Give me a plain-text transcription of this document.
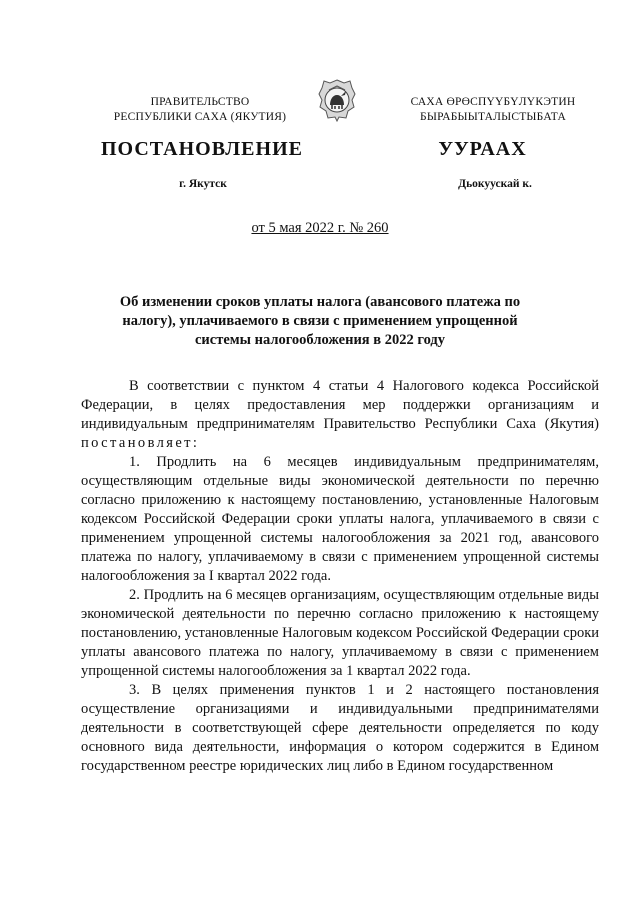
ПРАВИТЕЛЬСТВО
РЕСПУБЛИКИ САХА (ЯКУТИЯ)
САХА ӨРӨСПҮҮБҮЛҮКЭТИН
БЫРАБЫЫТАЛЫСТЫБАТА
ПОСТАНОВЛЕНИЕ	УУРААХ
г. Якутск	Дьокуускай к.
от 5 мая 2022 г. № 260
Об изменении сроков уплаты налога (авансового платежа по налогу), уплачиваемого в связи с применением упрощенной системы налогообложения в 2022 году

В соответствии с пунктом 4 статьи 4 Налогового кодекса Российской Федерации, в целях предоставления мер поддержки организациям и индивидуальным предпринимателям Правительство Республики Саха (Якутия) постановляет:

1. Продлить на 6 месяцев индивидуальным предпринимателям, осуществляющим отдельные виды экономической деятельности по перечню согласно приложению к настоящему постановлению, установленные Налоговым кодексом Российской Федерации сроки уплаты налога, уплачиваемого в связи с применением упрощенной системы налогообложения за 2021 год, авансового платежа по налогу, уплачиваемому в связи с применением упрощенной системы налогообложения за I квартал 2022 года.

2. Продлить на 6 месяцев организациям, осуществляющим отдельные виды экономической деятельности по перечню согласно приложению к настоящему постановлению, установленные Налоговым кодексом Российской Федерации сроки уплаты авансового платежа по налогу, уплачиваемому в связи с применением упрощенной системы налогообложения за 1 квартал 2022 года.

3. В целях применения пунктов 1 и 2 настоящего постановления осуществление организациями и индивидуальными предпринимателями деятельности в соответствующей сфере деятельности определяется по коду основного вида деятельности, информация о котором содержится в Едином государственном реестре юридических лиц либо в Едином государственном
